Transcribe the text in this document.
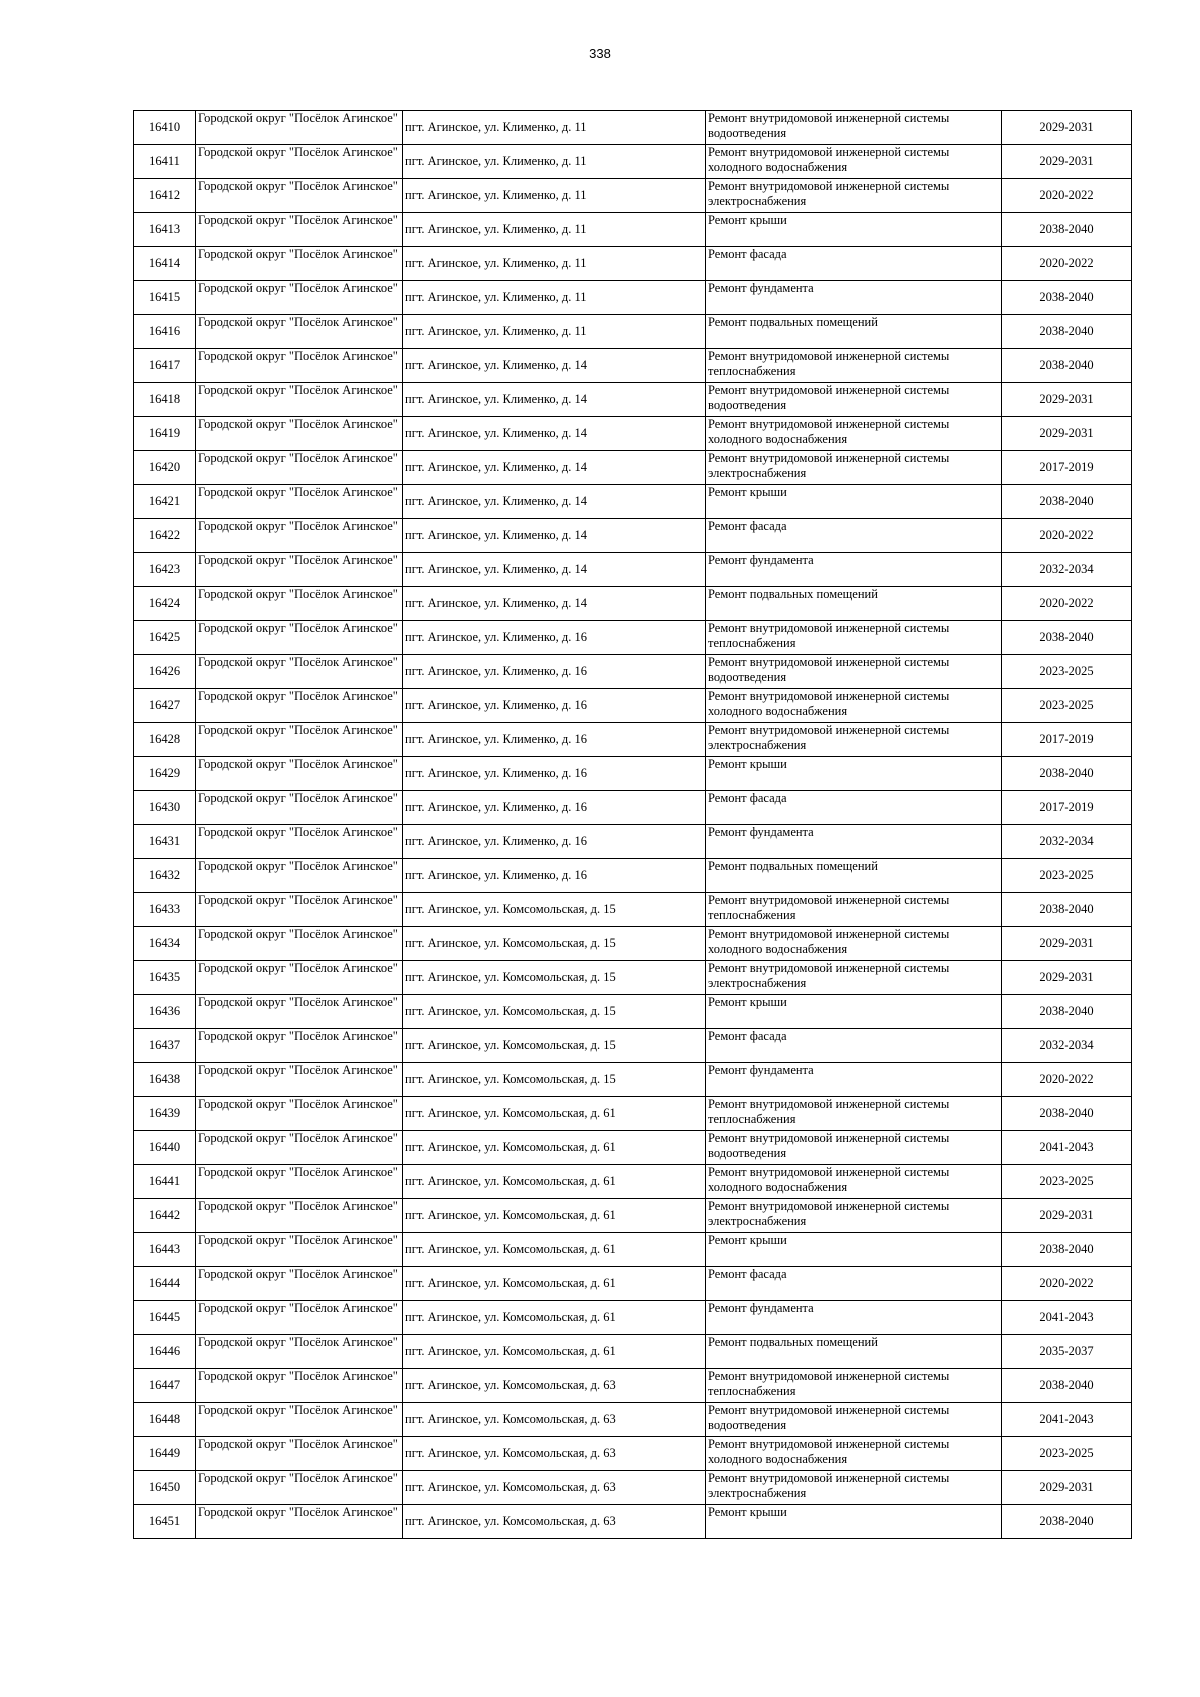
338
16410	Городской округ "Посёлок Агинское"	пгт. Агинское, ул. Клименко, д. 11	Ремонт внутридомовой инженерной системы водоотведения	2029-2031
16411	Городской округ "Посёлок Агинское"	пгт. Агинское, ул. Клименко, д. 11	Ремонт внутридомовой инженерной системы холодного водоснабжения	2029-2031
16412	Городской округ "Посёлок Агинское"	пгт. Агинское, ул. Клименко, д. 11	Ремонт внутридомовой инженерной системы электроснабжения	2020-2022
16413	Городской округ "Посёлок Агинское"	пгт. Агинское, ул. Клименко, д. 11	Ремонт крыши	2038-2040
16414	Городской округ "Посёлок Агинское"	пгт. Агинское, ул. Клименко, д. 11	Ремонт фасада	2020-2022
16415	Городской округ "Посёлок Агинское"	пгт. Агинское, ул. Клименко, д. 11	Ремонт фундамента	2038-2040
16416	Городской округ "Посёлок Агинское"	пгт. Агинское, ул. Клименко, д. 11	Ремонт подвальных помещений	2038-2040
16417	Городской округ "Посёлок Агинское"	пгт. Агинское, ул. Клименко, д. 14	Ремонт внутридомовой инженерной системы теплоснабжения	2038-2040
16418	Городской округ "Посёлок Агинское"	пгт. Агинское, ул. Клименко, д. 14	Ремонт внутридомовой инженерной системы водоотведения	2029-2031
16419	Городской округ "Посёлок Агинское"	пгт. Агинское, ул. Клименко, д. 14	Ремонт внутридомовой инженерной системы холодного водоснабжения	2029-2031
16420	Городской округ "Посёлок Агинское"	пгт. Агинское, ул. Клименко, д. 14	Ремонт внутридомовой инженерной системы электроснабжения	2017-2019
16421	Городской округ "Посёлок Агинское"	пгт. Агинское, ул. Клименко, д. 14	Ремонт крыши	2038-2040
16422	Городской округ "Посёлок Агинское"	пгт. Агинское, ул. Клименко, д. 14	Ремонт фасада	2020-2022
16423	Городской округ "Посёлок Агинское"	пгт. Агинское, ул. Клименко, д. 14	Ремонт фундамента	2032-2034
16424	Городской округ "Посёлок Агинское"	пгт. Агинское, ул. Клименко, д. 14	Ремонт подвальных помещений	2020-2022
16425	Городской округ "Посёлок Агинское"	пгт. Агинское, ул. Клименко, д. 16	Ремонт внутридомовой инженерной системы теплоснабжения	2038-2040
16426	Городской округ "Посёлок Агинское"	пгт. Агинское, ул. Клименко, д. 16	Ремонт внутридомовой инженерной системы водоотведения	2023-2025
16427	Городской округ "Посёлок Агинское"	пгт. Агинское, ул. Клименко, д. 16	Ремонт внутридомовой инженерной системы холодного водоснабжения	2023-2025
16428	Городской округ "Посёлок Агинское"	пгт. Агинское, ул. Клименко, д. 16	Ремонт внутридомовой инженерной системы электроснабжения	2017-2019
16429	Городской округ "Посёлок Агинское"	пгт. Агинское, ул. Клименко, д. 16	Ремонт крыши	2038-2040
16430	Городской округ "Посёлок Агинское"	пгт. Агинское, ул. Клименко, д. 16	Ремонт фасада	2017-2019
16431	Городской округ "Посёлок Агинское"	пгт. Агинское, ул. Клименко, д. 16	Ремонт фундамента	2032-2034
16432	Городской округ "Посёлок Агинское"	пгт. Агинское, ул. Клименко, д. 16	Ремонт подвальных помещений	2023-2025
16433	Городской округ "Посёлок Агинское"	пгт. Агинское, ул. Комсомольская, д. 15	Ремонт внутридомовой инженерной системы теплоснабжения	2038-2040
16434	Городской округ "Посёлок Агинское"	пгт. Агинское, ул. Комсомольская, д. 15	Ремонт внутридомовой инженерной системы холодного водоснабжения	2029-2031
16435	Городской округ "Посёлок Агинское"	пгт. Агинское, ул. Комсомольская, д. 15	Ремонт внутридомовой инженерной системы электроснабжения	2029-2031
16436	Городской округ "Посёлок Агинское"	пгт. Агинское, ул. Комсомольская, д. 15	Ремонт крыши	2038-2040
16437	Городской округ "Посёлок Агинское"	пгт. Агинское, ул. Комсомольская, д. 15	Ремонт фасада	2032-2034
16438	Городской округ "Посёлок Агинское"	пгт. Агинское, ул. Комсомольская, д. 15	Ремонт фундамента	2020-2022
16439	Городской округ "Посёлок Агинское"	пгт. Агинское, ул. Комсомольская, д. 61	Ремонт внутридомовой инженерной системы теплоснабжения	2038-2040
16440	Городской округ "Посёлок Агинское"	пгт. Агинское, ул. Комсомольская, д. 61	Ремонт внутридомовой инженерной системы водоотведения	2041-2043
16441	Городской округ "Посёлок Агинское"	пгт. Агинское, ул. Комсомольская, д. 61	Ремонт внутридомовой инженерной системы холодного водоснабжения	2023-2025
16442	Городской округ "Посёлок Агинское"	пгт. Агинское, ул. Комсомольская, д. 61	Ремонт внутридомовой инженерной системы электроснабжения	2029-2031
16443	Городской округ "Посёлок Агинское"	пгт. Агинское, ул. Комсомольская, д. 61	Ремонт крыши	2038-2040
16444	Городской округ "Посёлок Агинское"	пгт. Агинское, ул. Комсомольская, д. 61	Ремонт фасада	2020-2022
16445	Городской округ "Посёлок Агинское"	пгт. Агинское, ул. Комсомольская, д. 61	Ремонт фундамента	2041-2043
16446	Городской округ "Посёлок Агинское"	пгт. Агинское, ул. Комсомольская, д. 61	Ремонт подвальных помещений	2035-2037
16447	Городской округ "Посёлок Агинское"	пгт. Агинское, ул. Комсомольская, д. 63	Ремонт внутридомовой инженерной системы теплоснабжения	2038-2040
16448	Городской округ "Посёлок Агинское"	пгт. Агинское, ул. Комсомольская, д. 63	Ремонт внутридомовой инженерной системы водоотведения	2041-2043
16449	Городской округ "Посёлок Агинское"	пгт. Агинское, ул. Комсомольская, д. 63	Ремонт внутридомовой инженерной системы холодного водоснабжения	2023-2025
16450	Городской округ "Посёлок Агинское"	пгт. Агинское, ул. Комсомольская, д. 63	Ремонт внутридомовой инженерной системы электроснабжения	2029-2031
16451	Городской округ "Посёлок Агинское"	пгт. Агинское, ул. Комсомольская, д. 63	Ремонт крыши	2038-2040
